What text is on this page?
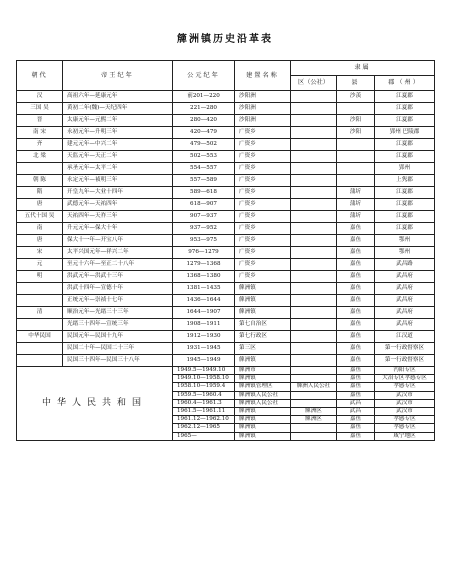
簰洲镇历史沿革表
朝代	帝王纪年	公元纪年	建置名称	隶属		
				区（公社）	县	郡（州）
汉	高祖六年—延康元年	前201—220	沙阳洲		沙羡	江夏郡
三国 吴	黄初二年(魏)—天纪四年	221—280	沙阳洲			江夏郡
晋	太康元年—元熙二年	280—420	沙阳洲		沙阳	江夏郡
南 宋	永初元年—升明三年	420—479	广资乡		沙阳	郢州 巴陵郡
齐	建元元年—中兴二年	479—502	广资乡			江夏郡
北 梁	天监元年—天正二年	502—553	广资乡			江夏郡
	承圣元年—太平二年	554—557	广资乡			郢州
朝 陈	永定元年—祯明三年	557—589	广资乡			上隽郡
隋	开皇九年—大业十四年	589—618	广资乡		蒲圻	江夏郡
唐	武德元年—天祐四年	618—907	广资乡		蒲圻	江夏郡
五代十国 吴	天祐四年—天祚三年	907—937	广资乡		蒲圻	江夏郡
南	升元元年—保大十年	937—952	广资乡		嘉鱼	江夏郡
唐	保大十一年—开宝八年	953—975	广资乡		嘉鱼	鄂州
宋	太平兴国元年—祥兴二年	976—1279	广资乡		嘉鱼	鄂州
元	至元十六年—至正二十八年	1279—1368	广资乡		嘉鱼	武昌路
明	洪武元年—洪武十三年	1368—1380	广资乡		嘉鱼	武昌府
	洪武十四年—宣德十年	1381—1435	簰洲镇		嘉鱼	武昌府
	正统元年—崇祯十七年	1436—1644	簰洲镇		嘉鱼	武昌府
清	顺治元年—光绪三十三年	1644—1907	簰洲镇		嘉鱼	武昌府
	光绪三十四年—宣统三年	1908—1911	第七自治区		嘉鱼	武昌府
中华民国	民国元年—民国十九年	1912—1930	第七行政区		嘉鱼	江汉道
	民国二十年—民国二十三年	1931—1945	第三区		嘉鱼	第一行政督察区
	民国三十四年—民国三十八年	1945—1949	簰洲镇		嘉鱼	第一行政督察区
中华人民共和国		1949.5—1949.10	簰洲市		嘉鱼	沔阳专区
		1949.10—1958.10	簰洲镇		嘉鱼	大冶专区孝感专区
		1958.10—1959.4	簰洲镇管理区	簰洲人民公社	嘉鱼	孝感专区
		1959.5—1960.4	簰洲镇人民公社		嘉鱼	武汉市
		1960.4—1961.3	簰洲镇人民公社		武昌	武汉市
		1961.5—1961.11	簰洲镇	簰洲区	武昌	武汉市
		1961.12—1962.10	簰洲镇	簰洲区	嘉鱼	孝感专区
		1962.12—1965	簰洲镇		嘉鱼	孝感专区
		1965—	簰洲镇		嘉鱼	咸宁地区
